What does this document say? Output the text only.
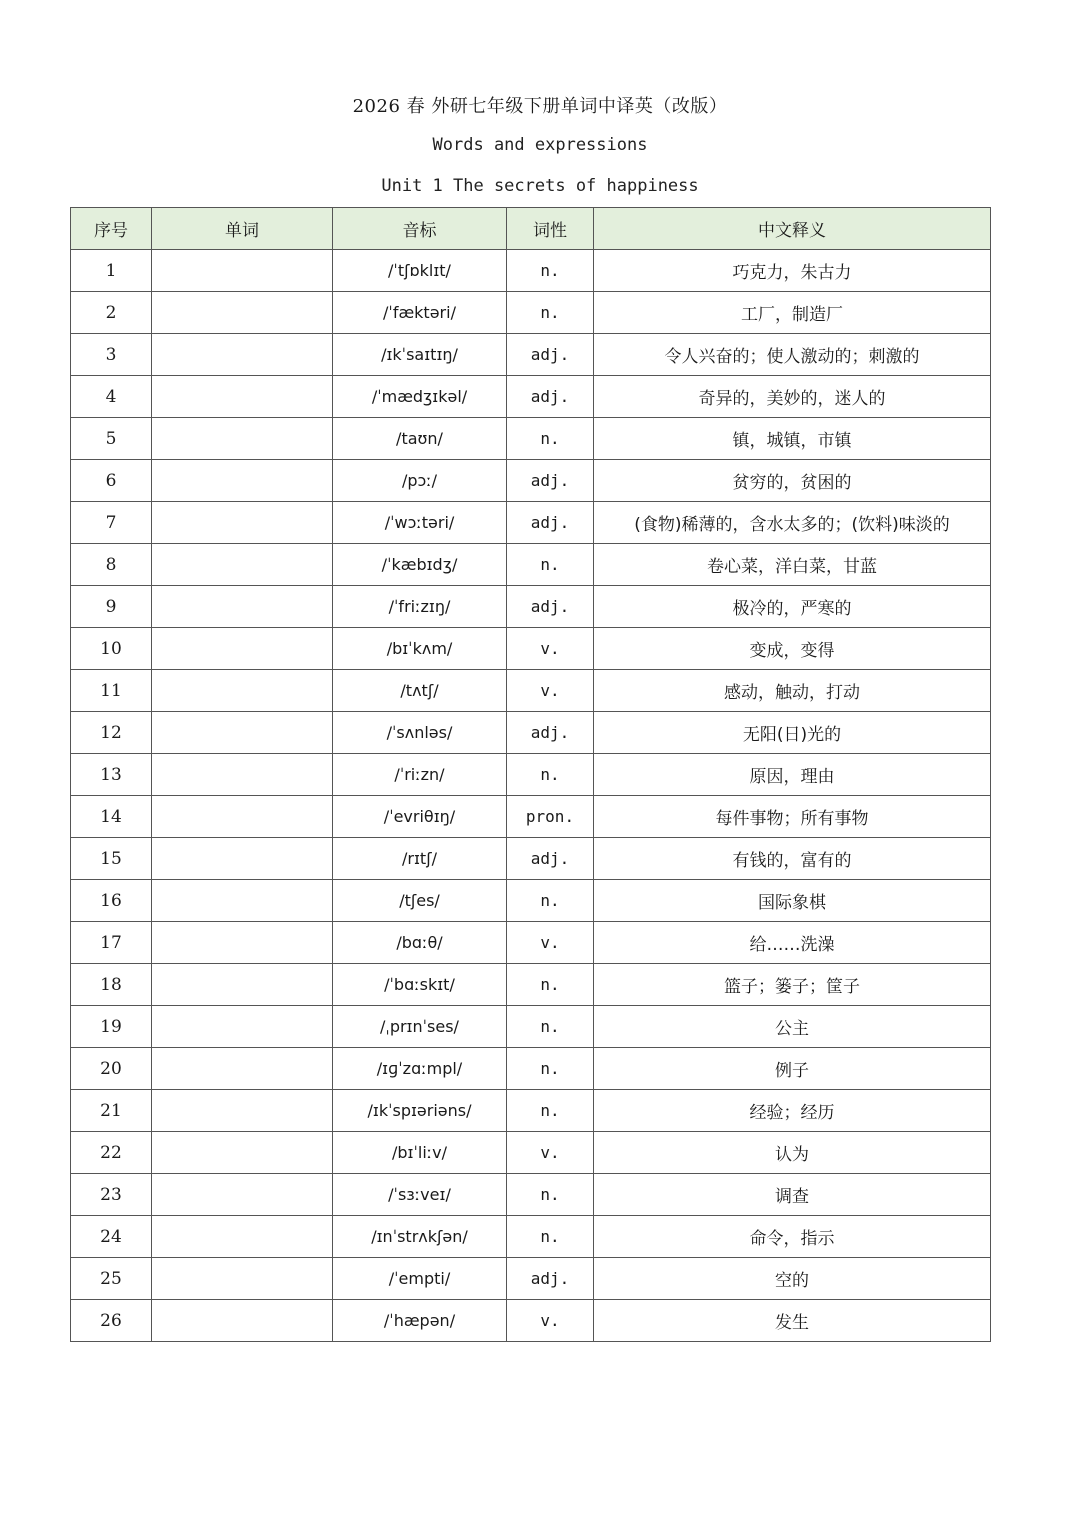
2026 春 外研七年级下册单词中译英（改版）
Words and expressions
Unit 1 The secrets of happiness
序号	单词	音标	词性	中文释义
1		/ˈtʃɒklɪt/	n.	巧克力，朱古力
2		/ˈfæktəri/	n.	工厂，制造厂
3		/ɪkˈsaɪtɪŋ/	adj.	令人兴奋的；使人激动的；刺激的
4		/ˈmædʒɪkəl/	adj.	奇异的，美妙的，迷人的
5		/taʊn/	n.	镇，城镇，市镇
6		/pɔː/	adj.	贫穷的，贫困的
7		/ˈwɔːtəri/	adj.	(食物)稀薄的，含水太多的；(饮料)味淡的
8		/ˈkæbɪdʒ/	n.	卷心菜，洋白菜，甘蓝
9		/ˈfriːzɪŋ/	adj.	极冷的，严寒的
10		/bɪˈkʌm/	v.	变成，变得
11		/tʌtʃ/	v.	感动，触动，打动
12		/ˈsʌnləs/	adj.	无阳(日)光的
13		/ˈriːzn/	n.	原因，理由
14		/ˈevriθɪŋ/	pron.	每件事物；所有事物
15		/rɪtʃ/	adj.	有钱的，富有的
16		/tʃes/	n.	国际象棋
17		/bɑːθ/	v.	给……洗澡
18		/ˈbɑːskɪt/	n.	篮子；篓子；筐子
19		/ˌprɪnˈses/	n.	公主
20		/ɪɡˈzɑːmpl/	n.	例子
21		/ɪkˈspɪəriəns/	n.	经验；经历
22		/bɪˈliːv/	v.	认为
23		/ˈsɜːveɪ/	n.	调查
24		/ɪnˈstrʌkʃən/	n.	命令，指示
25		/ˈempti/	adj.	空的
26		/ˈhæpən/	v.	发生
